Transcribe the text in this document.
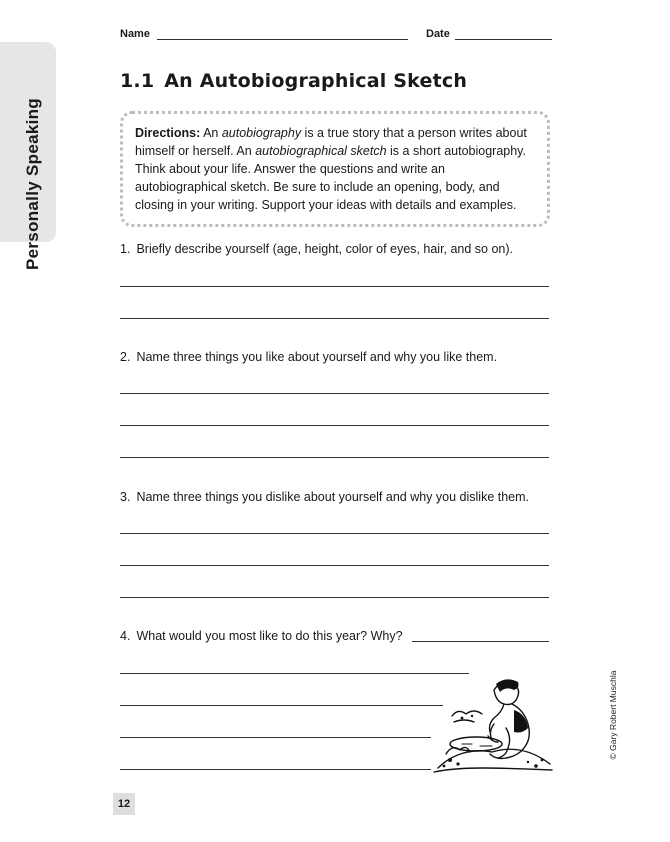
Personally Speaking
Name	Date
1.1 An Autobiographical Sketch
Directions: An autobiography is a true story that a person writes about himself or herself. An autobiographical sketch is a short autobiography. Think about your life. Answer the questions and write an autobiographical sketch. Be sure to include an opening, body, and closing in your writing. Support your ideas with details and examples.
1. Briefly describe yourself (age, height, color of eyes, hair, and so on).
2. Name three things you like about yourself and why you like them.
3. Name three things you dislike about yourself and why you dislike them.
4. What would you most like to do this year? Why?
© Gary Robert Muschla
12
